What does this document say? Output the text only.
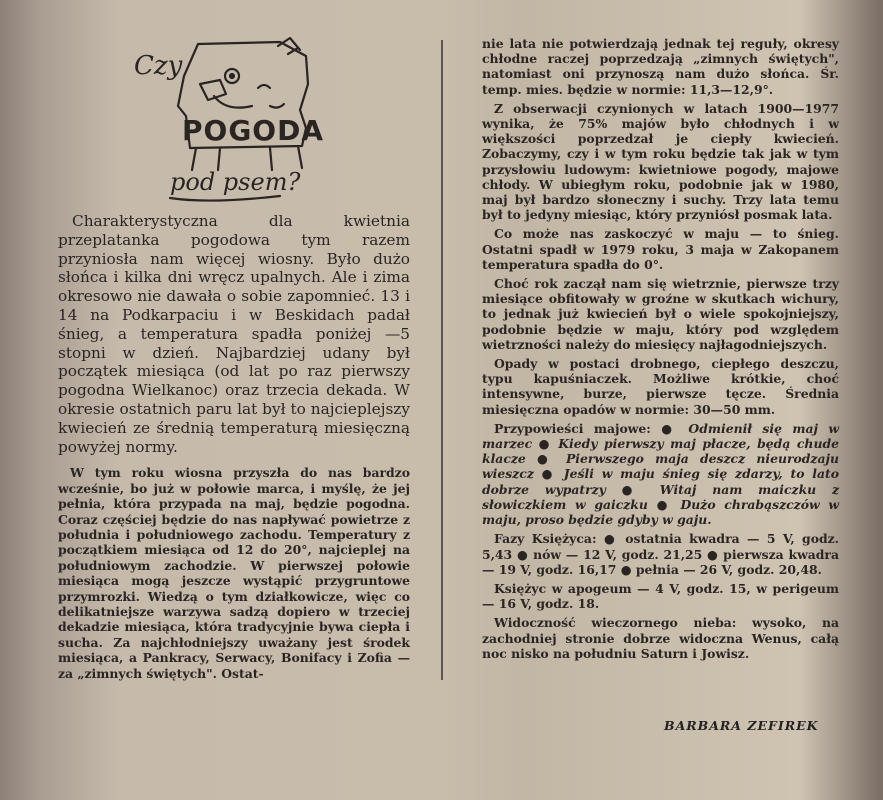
Czy
POGODA
pod psem?

Charakterystyczna dla kwietnia przeplatanka pogodowa tym razem przyniosła nam więcej wiosny. Było dużo słońca i kilka dni wręcz upalnych. Ale i zima okresowo nie dawała o sobie zapomnieć. 13 i 14 na Podkarpaciu i w Beskidach padał śnieg, a temperatura spadła poniżej —5 stopni w dzień. Najbardziej udany był początek miesiąca (od lat po raz pierwszy pogodna Wielkanoc) oraz trzecia dekada. W okresie ostatnich paru lat był to najcieplejszy kwiecień ze średnią temperaturą miesięczną powyżej normy.

W tym roku wiosna przyszła do nas bardzo wcześnie, bo już w połowie marca, i myślę, że jej pełnia, która przypada na maj, będzie pogodna. Coraz częściej będzie do nas napływać powietrze z południa i południowego zachodu. Temperatury z początkiem miesiąca od 12 do 20°, najcieplej na południowym zachodzie. W pierwszej połowie miesiąca mogą jeszcze wystąpić przygruntowe przymrozki. Wiedzą o tym działkowicze, więc co delikatniejsze warzywa sadzą dopiero w trzeciej dekadzie miesiąca, która tradycyjnie bywa ciepła i sucha. Za najchłodniejszy uważany jest środek miesiąca, a Pankracy, Serwacy, Bonifacy i Zofia — za „zimnych świętych". Ostat-

nie lata nie potwierdzają jednak tej reguły, okresy chłodne raczej poprzedzają „zimnych świętych", natomiast oni przynoszą nam dużo słońca. Śr. temp. mies. będzie w normie: 11,3—12,9°.

Z obserwacji czynionych w latach 1900—1977 wynika, że 75% majów było chłodnych i w większości poprzedzał je ciepły kwiecień. Zobaczymy, czy i w tym roku będzie tak jak w tym przysłowiu ludowym: kwietniowe pogody, majowe chłody. W ubiegłym roku, podobnie jak w 1980, maj był bardzo słoneczny i suchy. Trzy lata temu był to jedyny miesiąc, który przyniósł posmak lata.

Co może nas zaskoczyć w maju — to śnieg. Ostatni spadł w 1979 roku, 3 maja w Zakopanem temperatura spadła do 0°.

Choć rok zaczął nam się wietrznie, pierwsze trzy miesiące obfitowały w groźne w skutkach wichury, to jednak już kwiecień był o wiele spokojniejszy, podobnie będzie w maju, który pod względem wietrzności należy do miesięcy najłagodniejszych.

Opady w postaci drobnego, ciepłego deszczu, typu kapuśniaczek. Możliwe krótkie, choć intensywne, burze, pierwsze tęcze. Średnia miesięczna opadów w normie: 30—50 mm.

Przypowieści majowe: ● Odmienił się maj w marzec ● Kiedy pierwszy maj płacze, będą chude klacze ● Pierwszego maja deszcz nieurodzaju wieszcz ● Jeśli w maju śnieg się zdarzy, to lato dobrze wypatrzy ● Witaj nam maiczku z słowiczkiem w gaiczku ● Dużo chrabąszczów w maju, proso będzie gdyby w gaju.

Fazy Księżyca: ● ostatnia kwadra — 5 V, godz. 5,43 ● nów — 12 V, godz. 21,25 ● pierwsza kwadra — 19 V, godz. 16,17 ● pełnia — 26 V, godz. 20,48.

Księżyc w apogeum — 4 V, godz. 15, w perigeum — 16 V, godz. 18.

Widoczność wieczornego nieba: wysoko, na zachodniej stronie dobrze widoczna Wenus, całą noc nisko na południu Saturn i Jowisz.

BARBARA ZEFIREK
